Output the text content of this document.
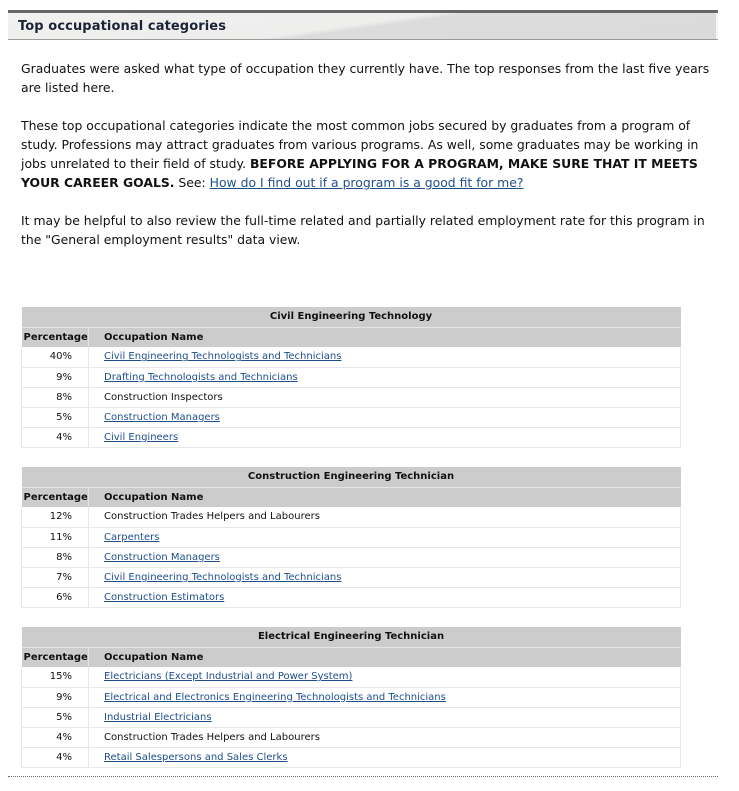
Top occupational categories

Graduates were asked what type of occupation they currently have. The top responses from the last five years are listed here.

These top occupational categories indicate the most common jobs secured by graduates from a program of study. Professions may attract graduates from various programs. As well, some graduates may be working in jobs unrelated to their field of study. BEFORE APPLYING FOR A PROGRAM, MAKE SURE THAT IT MEETS YOUR CAREER GOALS. See: How do I find out if a program is a good fit for me?

It may be helpful to also review the full-time related and partially related employment rate for this program in the "General employment results" data view.

Civil Engineering Technology	
Percentage	Occupation Name
40%	Civil Engineering Technologists and Technicians
9%	Drafting Technologists and Technicians
8%	Construction Inspectors
5%	Construction Managers
4%	Civil Engineers
Construction Engineering Technician	
Percentage	Occupation Name
12%	Construction Trades Helpers and Labourers
11%	Carpenters
8%	Construction Managers
7%	Civil Engineering Technologists and Technicians
6%	Construction Estimators
Electrical Engineering Technician	
Percentage	Occupation Name
15%	Electricians (Except Industrial and Power System)
9%	Electrical and Electronics Engineering Technologists and Technicians
5%	Industrial Electricians
4%	Construction Trades Helpers and Labourers
4%	Retail Salespersons and Sales Clerks
